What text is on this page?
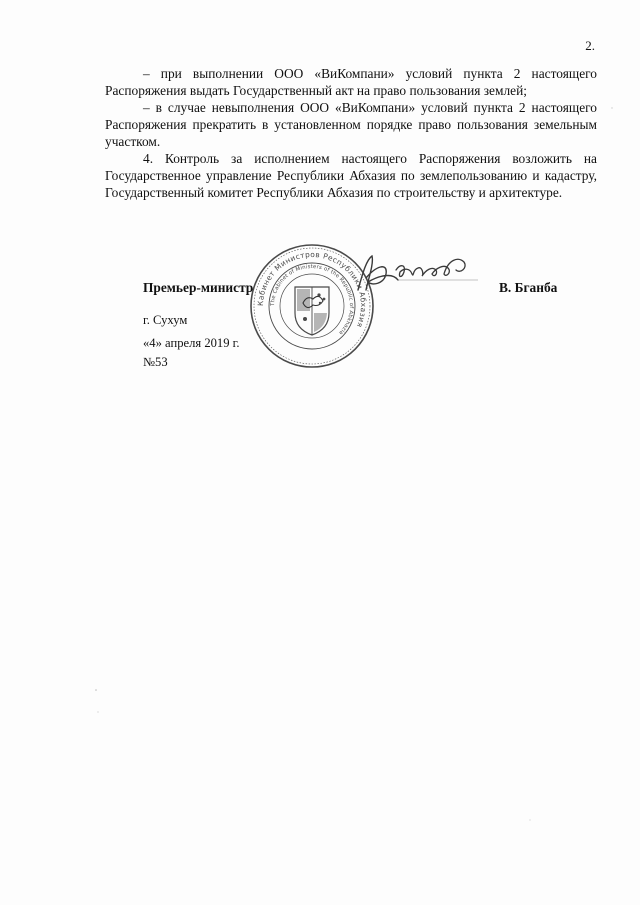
2.

– при выполнении ООО «ВиКомпани» условий пункта 2 настоящего Распоряжения выдать Государственный акт на право пользования землей;

– в случае невыполнения ООО «ВиКомпани» условий пункта 2 настоящего Распоряжения прекратить в установленном порядке право пользования земельным участком.

4. Контроль за исполнением настоящего Распоряжения возложить на Государственное управление Республики Абхазия по землепользованию и кадастру, Государственный комитет Республики Абхазия по строительству и архитектуре.

Кабинет Министров Республики Абхазия
The Cabinet of Ministers of the Republic of Abkhazia
Премьер-министр	В. Бганба
г. Сухум
«4» апреля 2019 г.
№53
